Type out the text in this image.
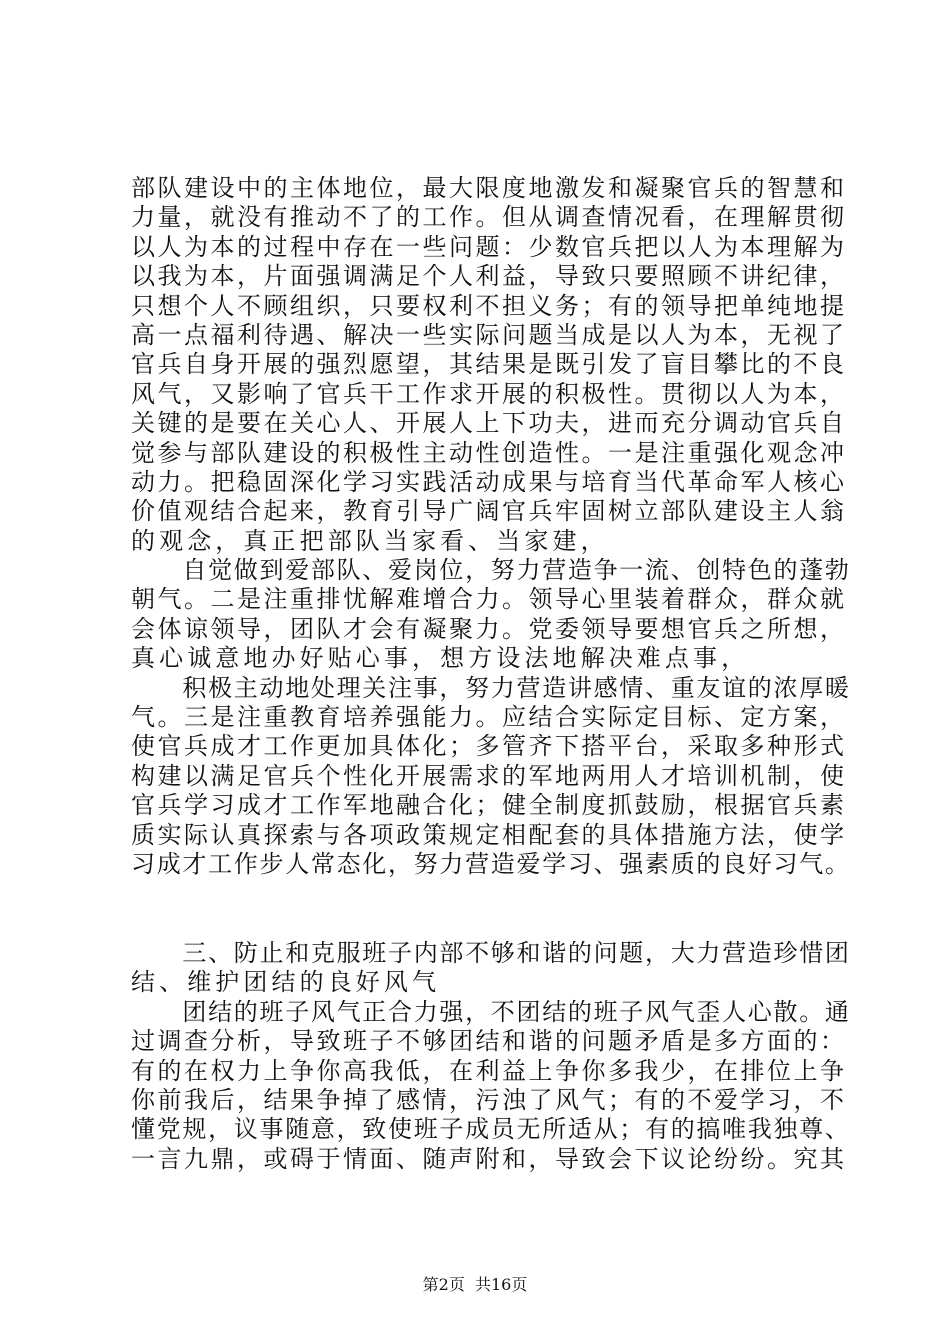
部队建设中的主体地位，最大限度地激发和凝聚官兵的智慧和
力量，就没有推动不了的工作。但从调查情况看，在理解贯彻
以人为本的过程中存在一些问题：少数官兵把以人为本理解为
以我为本，片面强调满足个人利益，导致只要照顾不讲纪律，
只想个人不顾组织，只要权利不担义务；有的领导把单纯地提
高一点福利待遇、解决一些实际问题当成是以人为本，无视了
官兵自身开展的强烈愿望，其结果是既引发了盲目攀比的不良
风气，又影响了官兵干工作求开展的积极性。贯彻以人为本，
关键的是要在关心人、开展人上下功夫，进而充分调动官兵自
觉参与部队建设的积极性主动性创造性。一是注重强化观念冲
动力。把稳固深化学习实践活动成果与培育当代革命军人核心
价值观结合起来，教育引导广阔官兵牢固树立部队建设主人翁
的观念，真正把部队当家看、当家建，
　　自觉做到爱部队、爱岗位，努力营造争一流、创特色的蓬勃
朝气。二是注重排忧解难增合力。领导心里装着群众，群众就
会体谅领导，团队才会有凝聚力。党委领导要想官兵之所想，
真心诚意地办好贴心事，想方设法地解决难点事，
　　积极主动地处理关注事，努力营造讲感情、重友谊的浓厚暖
气。三是注重教育培养强能力。应结合实际定目标、定方案，
使官兵成才工作更加具体化；多管齐下搭平台，采取多种形式
构建以满足官兵个性化开展需求的军地两用人才培训机制，使
官兵学习成才工作军地融合化；健全制度抓鼓励，根据官兵素
质实际认真探索与各项政策规定相配套的具体措施方法，使学
习成才工作步人常态化，努力营造爱学习、强素质的良好习气。
　　三、防止和克服班子内部不够和谐的问题，大力营造珍惜团
结、维护团结的良好风气
　　团结的班子风气正合力强，不团结的班子风气歪人心散。通
过调查分析，导致班子不够团结和谐的问题矛盾是多方面的：
有的在权力上争你高我低，在利益上争你多我少，在排位上争
你前我后，结果争掉了感情，污浊了风气；有的不爱学习，不
懂党规，议事随意，致使班子成员无所适从；有的搞唯我独尊、
一言九鼎，或碍于情面、随声附和，导致会下议论纷纷。究其
第2页  共16页
